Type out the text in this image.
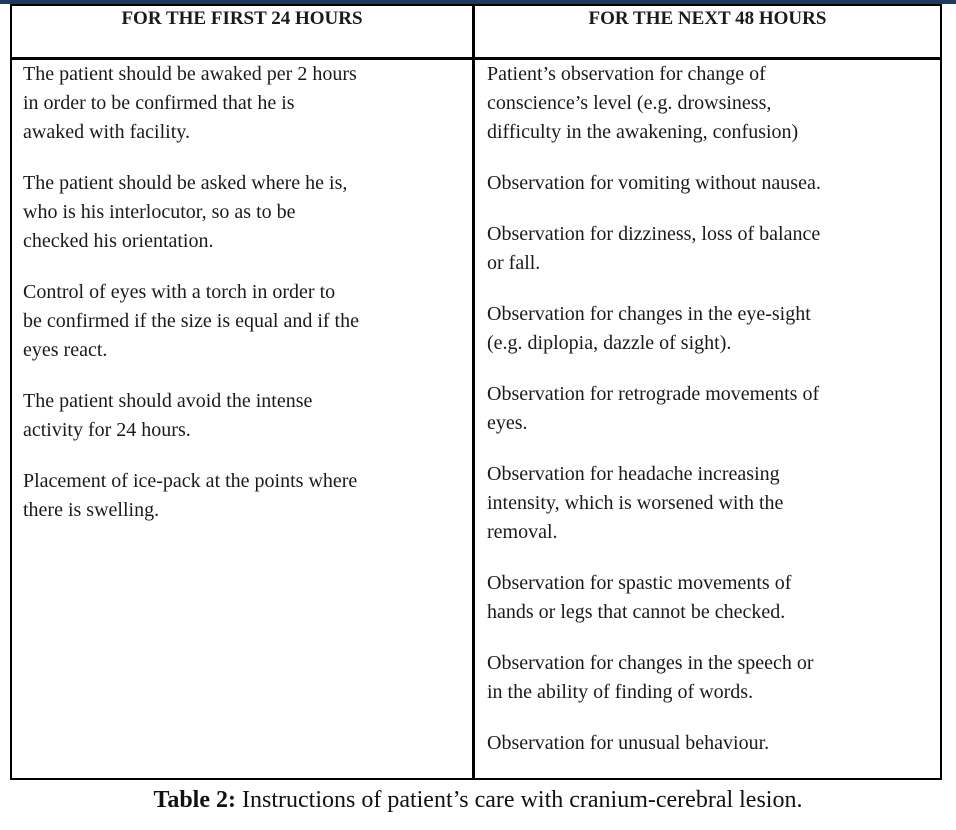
FOR THE FIRST 24 HOURS	FOR THE NEXT 48 HOURS
The patient should be awaked per 2 hours
in order to be confirmed that he is
awaked with facility.
The patient should be asked where he is,
who is his interlocutor, so as to be
checked his orientation.
Control of eyes with a torch in order to
be confirmed if the size is equal and if the
eyes react.
The patient should avoid the intense
activity for 24 hours.
Placement of ice-pack at the points where
there is swelling.
Patient’s observation for change of
conscience’s level (e.g. drowsiness,
difficulty in the awakening, confusion)
Observation for vomiting without nausea.
Observation for dizziness, loss of balance
or fall.
Observation for changes in the eye-sight
(e.g. diplopia, dazzle of sight).
Observation for retrograde movements of
eyes.
Observation for headache increasing
intensity, which is worsened with the
removal.
Observation for spastic movements of
hands or legs that cannot be checked.
Observation for changes in the speech or
in the ability of finding of words.
Observation for unusual behaviour.
Table 2: Instructions of patient’s care with cranium-cerebral lesion.
